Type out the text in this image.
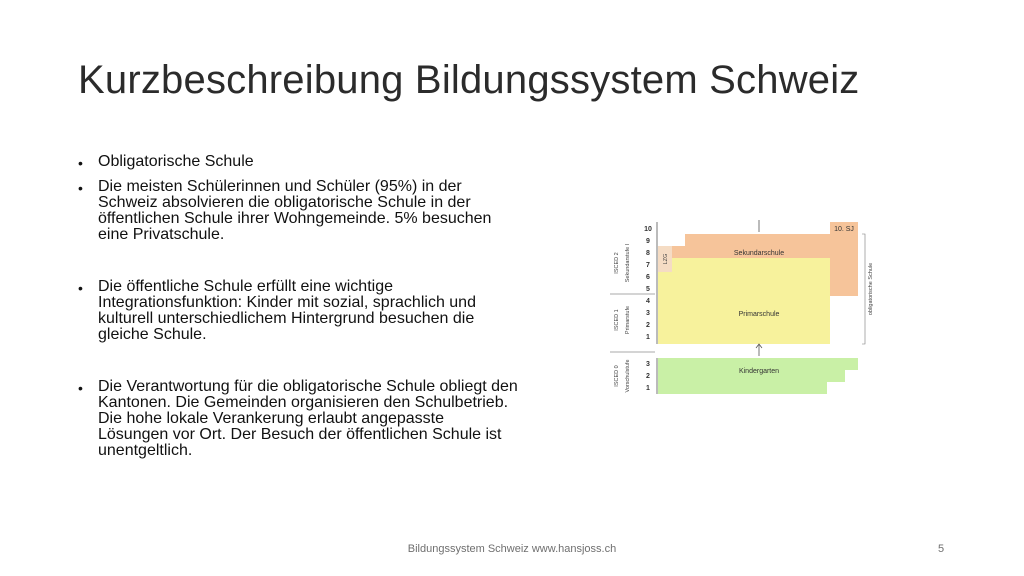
Kurzbeschreibung Bildungssystem Schweiz
• Obligatorische Schule
• Die meisten Schülerinnen und Schüler (95%) in der Schweiz absolvieren die obligatorische Schule in der öffentlichen Schule ihrer Wohngemeinde. 5% besuchen eine Privatschule.
• Die öffentliche Schule erfüllt eine wichtige Integrationsfunktion: Kinder mit sozial, sprachlich und kulturell unterschiedlichem Hintergrund besuchen die gleiche Schule.
• Die Verantwortung für die obligatorische Schule obliegt den Kantonen. Die Gemeinden organisieren den Schulbetrieb. Die hohe lokale Verankerung erlaubt angepasste Lösungen vor Ort. Der Besuch der öffentlichen Schule ist unentgeltlich.
10
9
8
7
6
5
4
3
2
1
3
2
1
ISCED 2 Sekundarstufe I
ISCED 1 Primarstufe
ISCED 0 Vorschulstufe
LZG
obligatorische Schule
Sekundarschule
Primarschule
Kindergarten
10. SJ
Bildungssystem Schweiz www.hansjoss.ch	5
